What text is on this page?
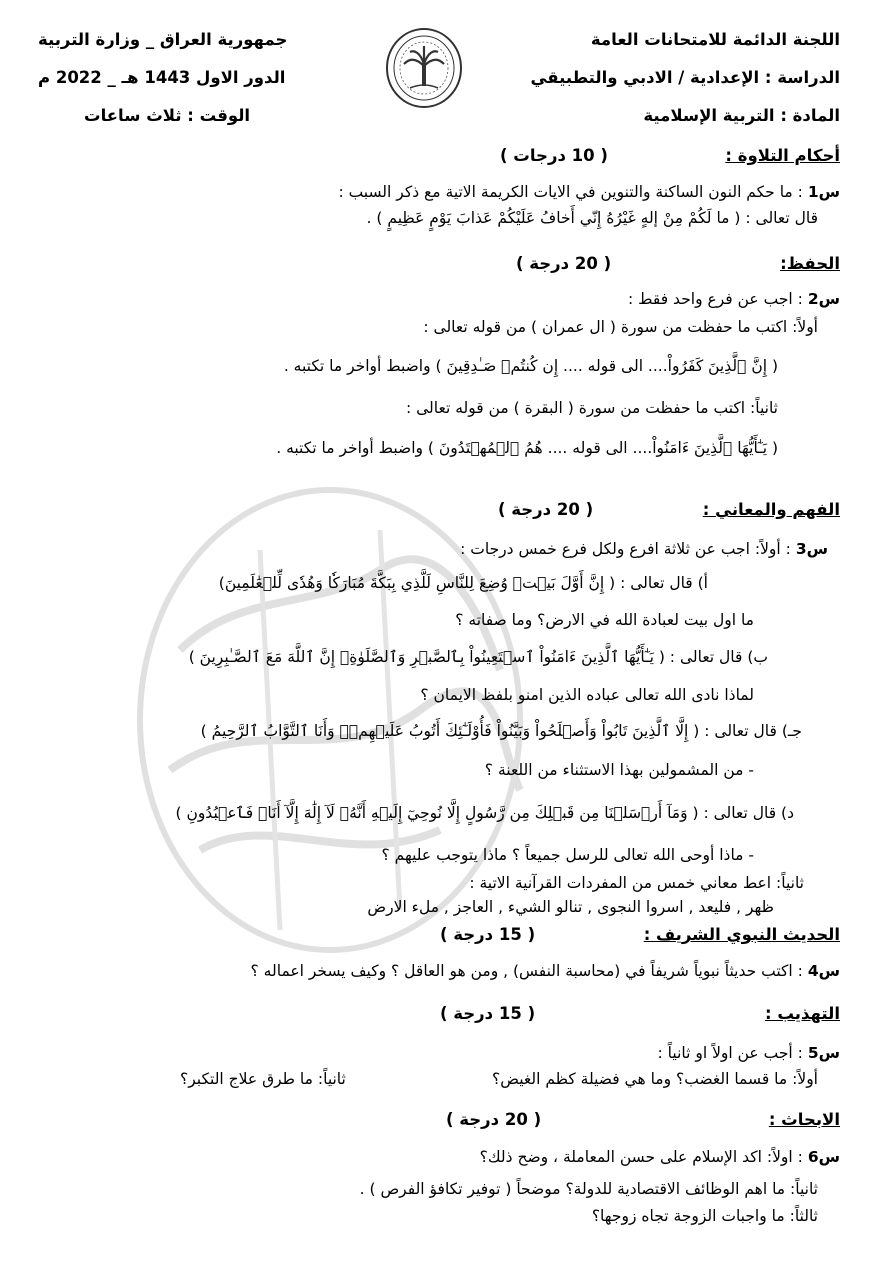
اللجنة الدائمة للامتحانات العامة
الدراسة : الإعدادية / الادبي والتطبيقي
المادة : التربية الإسلامية
جمهورية العراق _ وزارة التربية
الدور الاول 1443 هـ _ 2022 م
الوقت : ثلاث ساعات
أحكام التلاوة :
( 10 درجات )
س1 : ما حكم النون الساكنة والتنوين في الايات الكريمة الاتية مع ذكر السبب :
قال تعالى : ( ما لَكُمْ مِنْ إلهٍ غَيْرُهُ إِنّي أَخافُ عَلَيْكُمْ عَذابَ يَوْمٍ عَظِيمٍ ) .
الحفظ:
( 20 درجة )
س2 : اجب عن فرع واحد فقط :
أولاً: اكتب ما حفظت من سورة ( ال عمران ) من قوله تعالى :
( إِنَّ ٱلَّذِينَ كَفَرُواْ.... الى قوله .... إِن كُنتُمۡ صَـٰدِقِينَ ) واضبط أواخر ما تكتبه .
ثانياً: اكتب ما حفظت من سورة ( البقرة ) من قوله تعالى :
( يَـٰٓأَيُّهَا ٱلَّذِينَ ءَامَنُواْ.... الى قوله .... هُمُ ٱلۡمُهۡتَدُونَ ) واضبط أواخر ما تكتبه .
الفهم والمعاني :
( 20 درجة )
س3 : أولاً: اجب عن ثلاثة افرع ولكل فرع خمس درجات :
أ) قال تعالى : ( إِنَّ أَوَّلَ بَيۡتٖ وُضِعَ لِلنَّاسِ لَلَّذِي بِبَكَّةَ مُبَارَكٗا وَهُدٗى لِّلۡعَٰلَمِينَ)
ما اول بيت لعبادة الله في الارض؟ وما صفاته ؟
ب) قال تعالى : ( يَـٰٓأَيُّهَا ٱلَّذِينَ ءَامَنُواْ ٱسۡتَعِينُواْ بِٱلصَّبۡرِ وَٱلصَّلَوٰةِۚ إِنَّ ٱللَّهَ مَعَ ٱلصَّـٰبِرِينَ )
لماذا نادى الله تعالى عباده الذين امنو بلفظ الايمان ؟
جـ) قال تعالى : ( إِلَّا ٱلَّذِينَ تَابُواْ وَأَصۡلَحُواْ وَبَيَّنُواْ فَأُوْلَـٰٓئِكَ أَتُوبُ عَلَيۡهِمۡۚ وَأَنَا ٱلتَّوَّابُ ٱلرَّحِيمُ )
- من المشمولين بهذا الاستثناء من اللعنة ؟
د) قال تعالى : ( وَمَآ أَرۡسَلۡنَا مِن قَبۡلِكَ مِن رَّسُولٍ إِلَّا نُوحِيٓ إِلَيۡهِ أَنَّهُۥ لَآ إِلَٰهَ إِلَّآ أَنَا۠ فَٱعۡبُدُونِ )
- ماذا أوحى الله تعالى للرسل جميعاً ؟ ماذا يتوجب عليهم ؟
ثانياً: اعط معاني خمس من المفردات القرآنية الاتية :
ظهر , فليعد , اسروا النجوى , تنالو الشيء , العاجز , ملء الارض
الحديث النبوي الشريف :
( 15 درجة )
س4 : اكتب حديثاً نبوياً شريفاً في (محاسبة النفس) , ومن هو العاقل ؟ وكيف يسخر اعماله ؟
التهذيب :
( 15 درجة )
س5 : أجب عن اولاً او ثانياً :
أولاً: ما قسما الغضب؟ وما هي فضيلة كظم الغيض؟
ثانياً: ما طرق علاج التكبر؟
الابحاث :
( 20 درجة )
س6 : اولاً: اكد الإسلام على حسن المعاملة ، وضح ذلك؟
ثانياً: ما اهم الوظائف الاقتصادية للدولة؟ موضحاً ( توفير تكافؤ الفرص ) .
ثالثاً: ما واجبات الزوجة تجاه زوجها؟
